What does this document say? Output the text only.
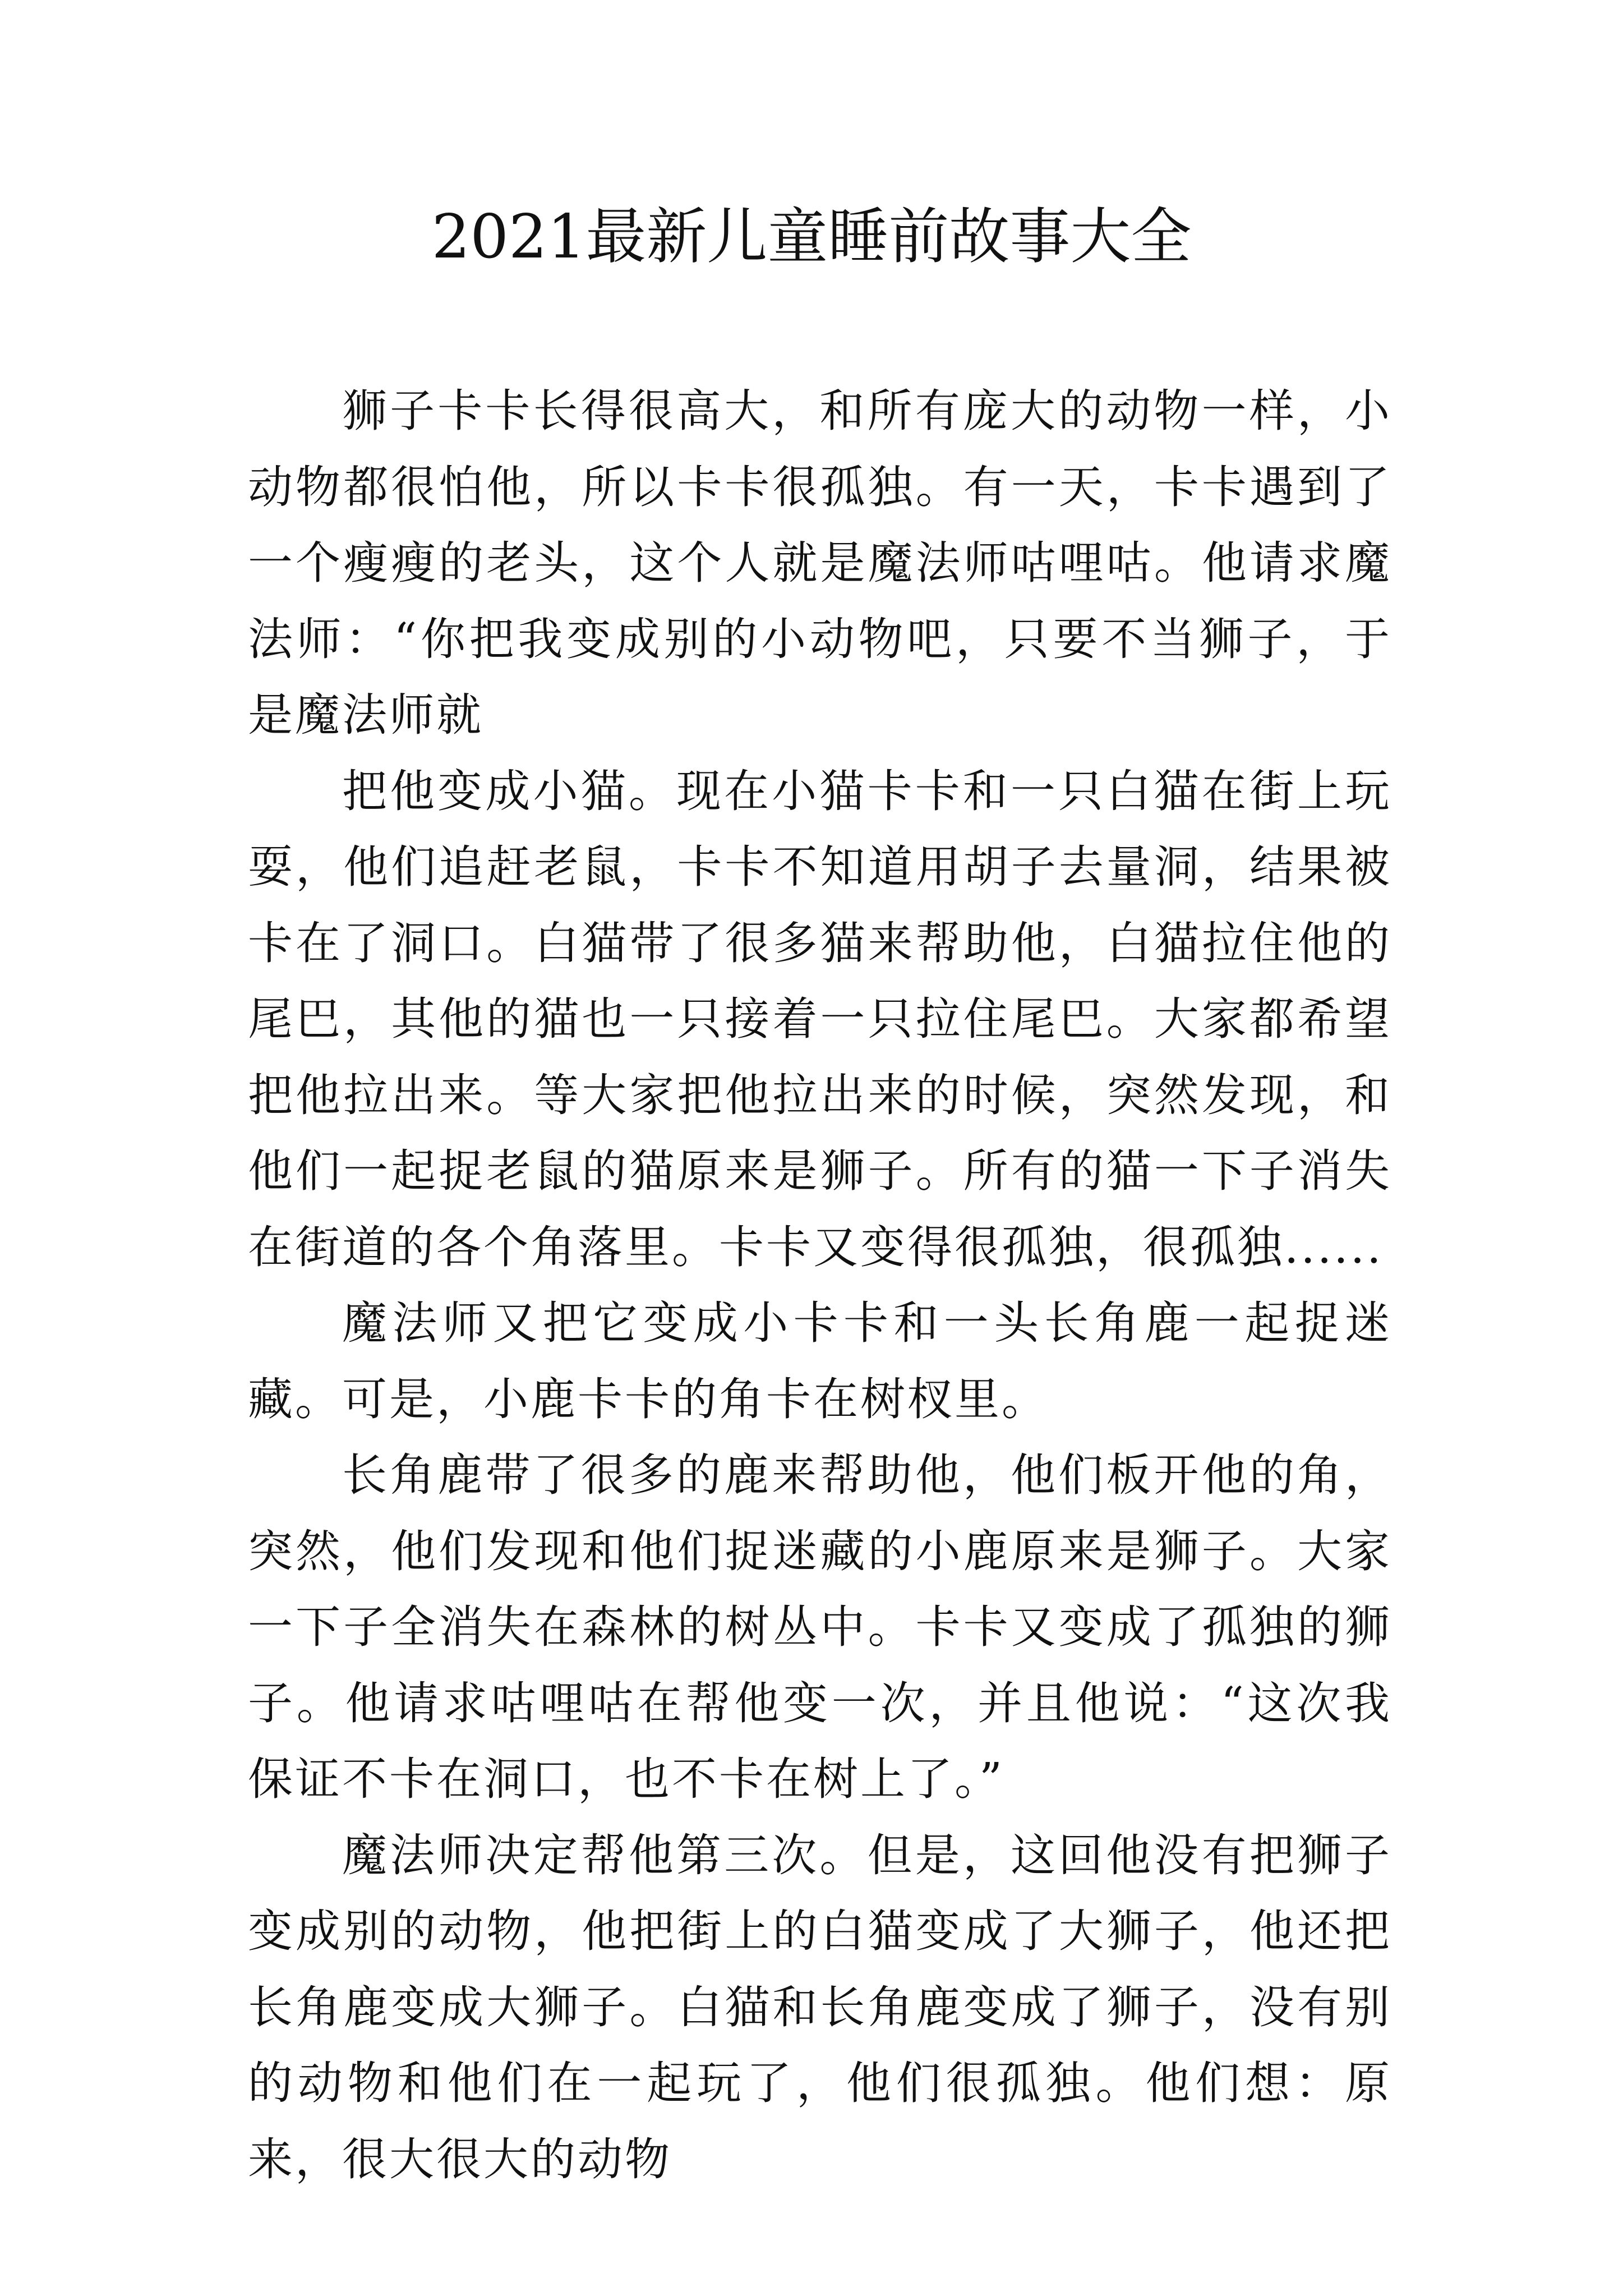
2021最新儿童睡前故事大全

狮子卡卡长得很高大，和所有庞大的动物一样，小动物都很怕他，所以卡卡很孤独。有一天，卡卡遇到了一个瘦瘦的老头，这个人就是魔法师咕哩咕。他请求魔法师：“你把我变成别的小动物吧，只要不当狮子，于是魔法师就

把他变成小猫。现在小猫卡卡和一只白猫在街上玩耍，他们追赶老鼠，卡卡不知道用胡子去量洞，结果被卡在了洞口。白猫带了很多猫来帮助他，白猫拉住他的尾巴，其他的猫也一只接着一只拉住尾巴。大家都希望把他拉出来。等大家把他拉出来的时候，突然发现，和他们一起捉老鼠的猫原来是狮子。所有的猫一下子消失在街道的各个角落里。卡卡又变得很孤独，很孤独......

魔法师又把它变成小卡卡和一头长角鹿一起捉迷藏。可是，小鹿卡卡的角卡在树杈里。

长角鹿带了很多的鹿来帮助他，他们板开他的角，突然，他们发现和他们捉迷藏的小鹿原来是狮子。大家一下子全消失在森林的树丛中。卡卡又变成了孤独的狮子。他请求咕哩咕在帮他变一次，并且他说：“这次我保证不卡在洞口，也不卡在树上了。”

魔法师决定帮他第三次。但是，这回他没有把狮子变成别的动物，他把街上的白猫变成了大狮子，他还把长角鹿变成大狮子。白猫和长角鹿变成了狮子，没有别的动物和他们在一起玩了，他们很孤独。他们想：原来，很大很大的动物
